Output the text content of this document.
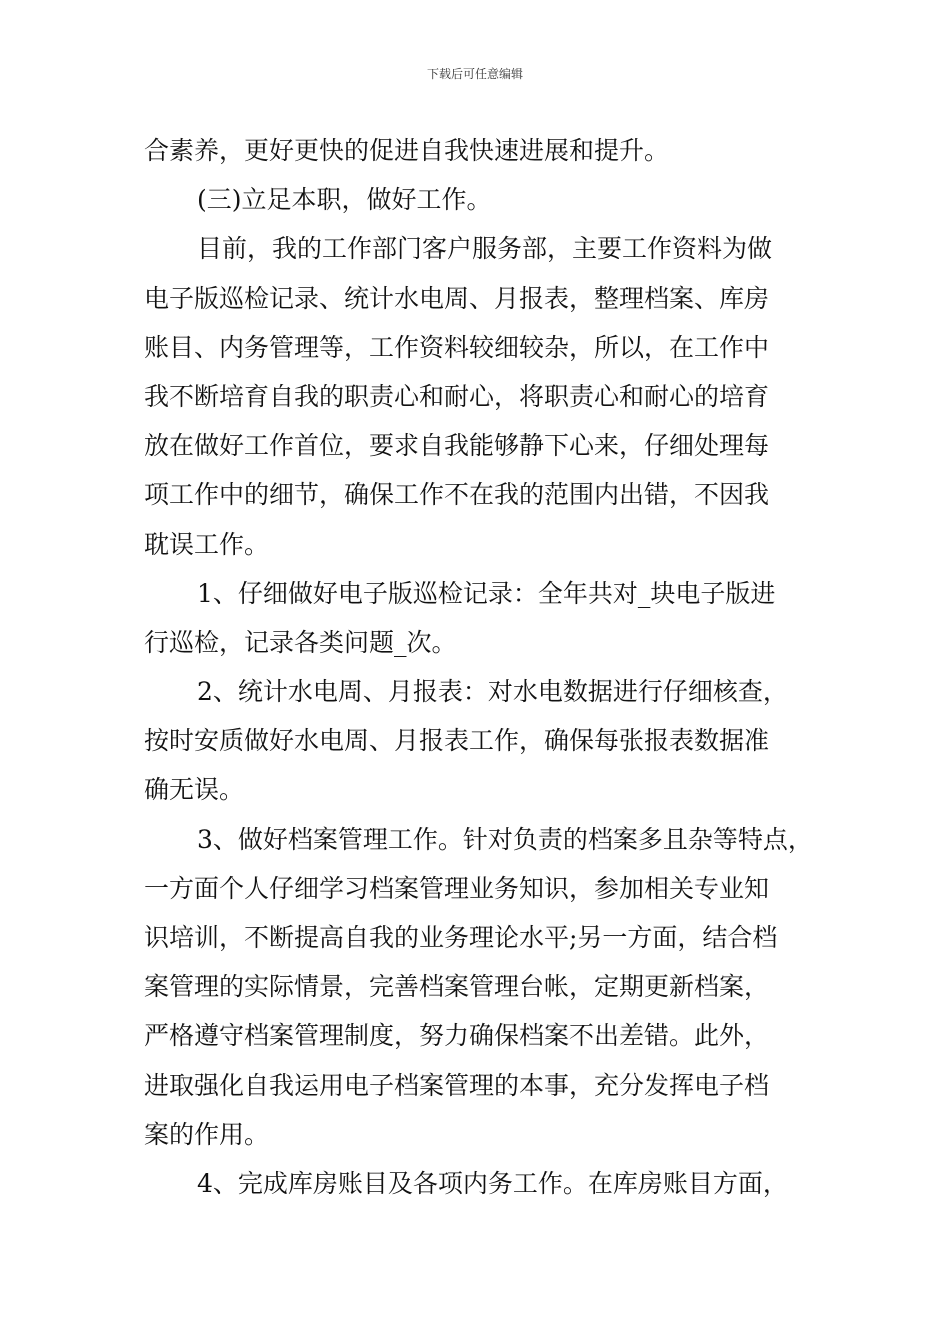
下载后可任意编辑
合素养，更好更快的促进自我快速进展和提升。
(三)立足本职，做好工作。
目前，我的工作部门客户服务部，主要工作资料为做
电子版巡检记录、统计水电周、月报表，整理档案、库房
账目、内务管理等，工作资料较细较杂，所以，在工作中
我不断培育自我的职责心和耐心，将职责心和耐心的培育
放在做好工作首位，要求自我能够静下心来，仔细处理每
项工作中的细节，确保工作不在我的范围内出错，不因我
耽误工作。
1、仔细做好电子版巡检记录：全年共对_块电子版进
行巡检，记录各类问题_次。
2、统计水电周、月报表：对水电数据进行仔细核查，
按时安质做好水电周、月报表工作，确保每张报表数据准
确无误。
3、做好档案管理工作。针对负责的档案多且杂等特点，
一方面个人仔细学习档案管理业务知识，参加相关专业知
识培训，不断提高自我的业务理论水平;另一方面，结合档
案管理的实际情景，完善档案管理台帐，定期更新档案，
严格遵守档案管理制度，努力确保档案不出差错。此外，
进取强化自我运用电子档案管理的本事，充分发挥电子档
案的作用。
4、完成库房账目及各项内务工作。在库房账目方面，
